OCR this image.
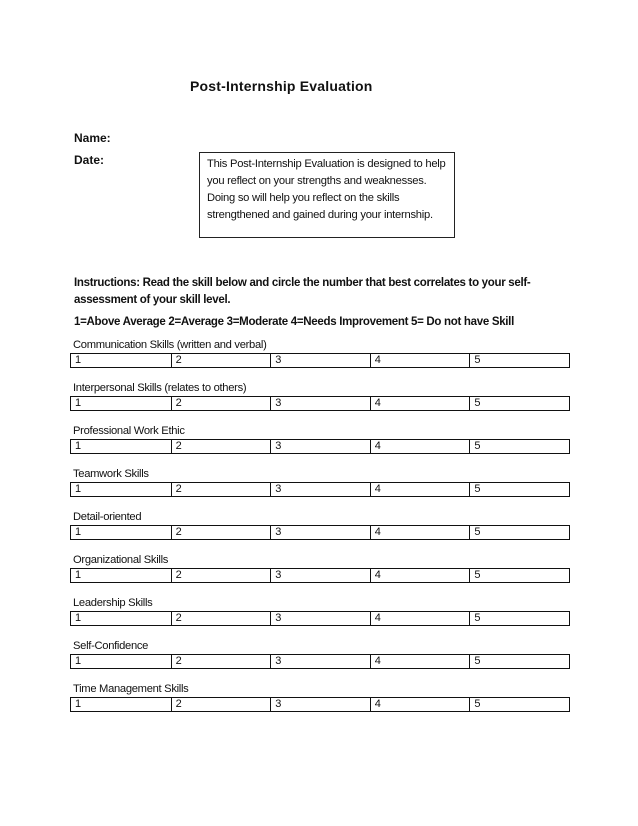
Post-Internship Evaluation
Name:
Date:	This Post-Internship Evaluation is designed to help
you reflect on your strengths and weaknesses.
Doing so will help you reflect on the skills
strengthened and gained during your internship.
Instructions: Read the skill below and circle the number that best correlates to your self-assessment of your skill level.
1=Above Average 2=Average 3=Moderate 4=Needs Improvement 5= Do not have Skill
Communication Skills (written and verbal)
1	2	3	4	5
Interpersonal Skills (relates to others)
1	2	3	4	5
Professional Work Ethic
1	2	3	4	5
Teamwork Skills
1	2	3	4	5
Detail-oriented
1	2	3	4	5
Organizational Skills
1	2	3	4	5
Leadership Skills
1	2	3	4	5
Self-Confidence
1	2	3	4	5
Time Management Skills
1	2	3	4	5
